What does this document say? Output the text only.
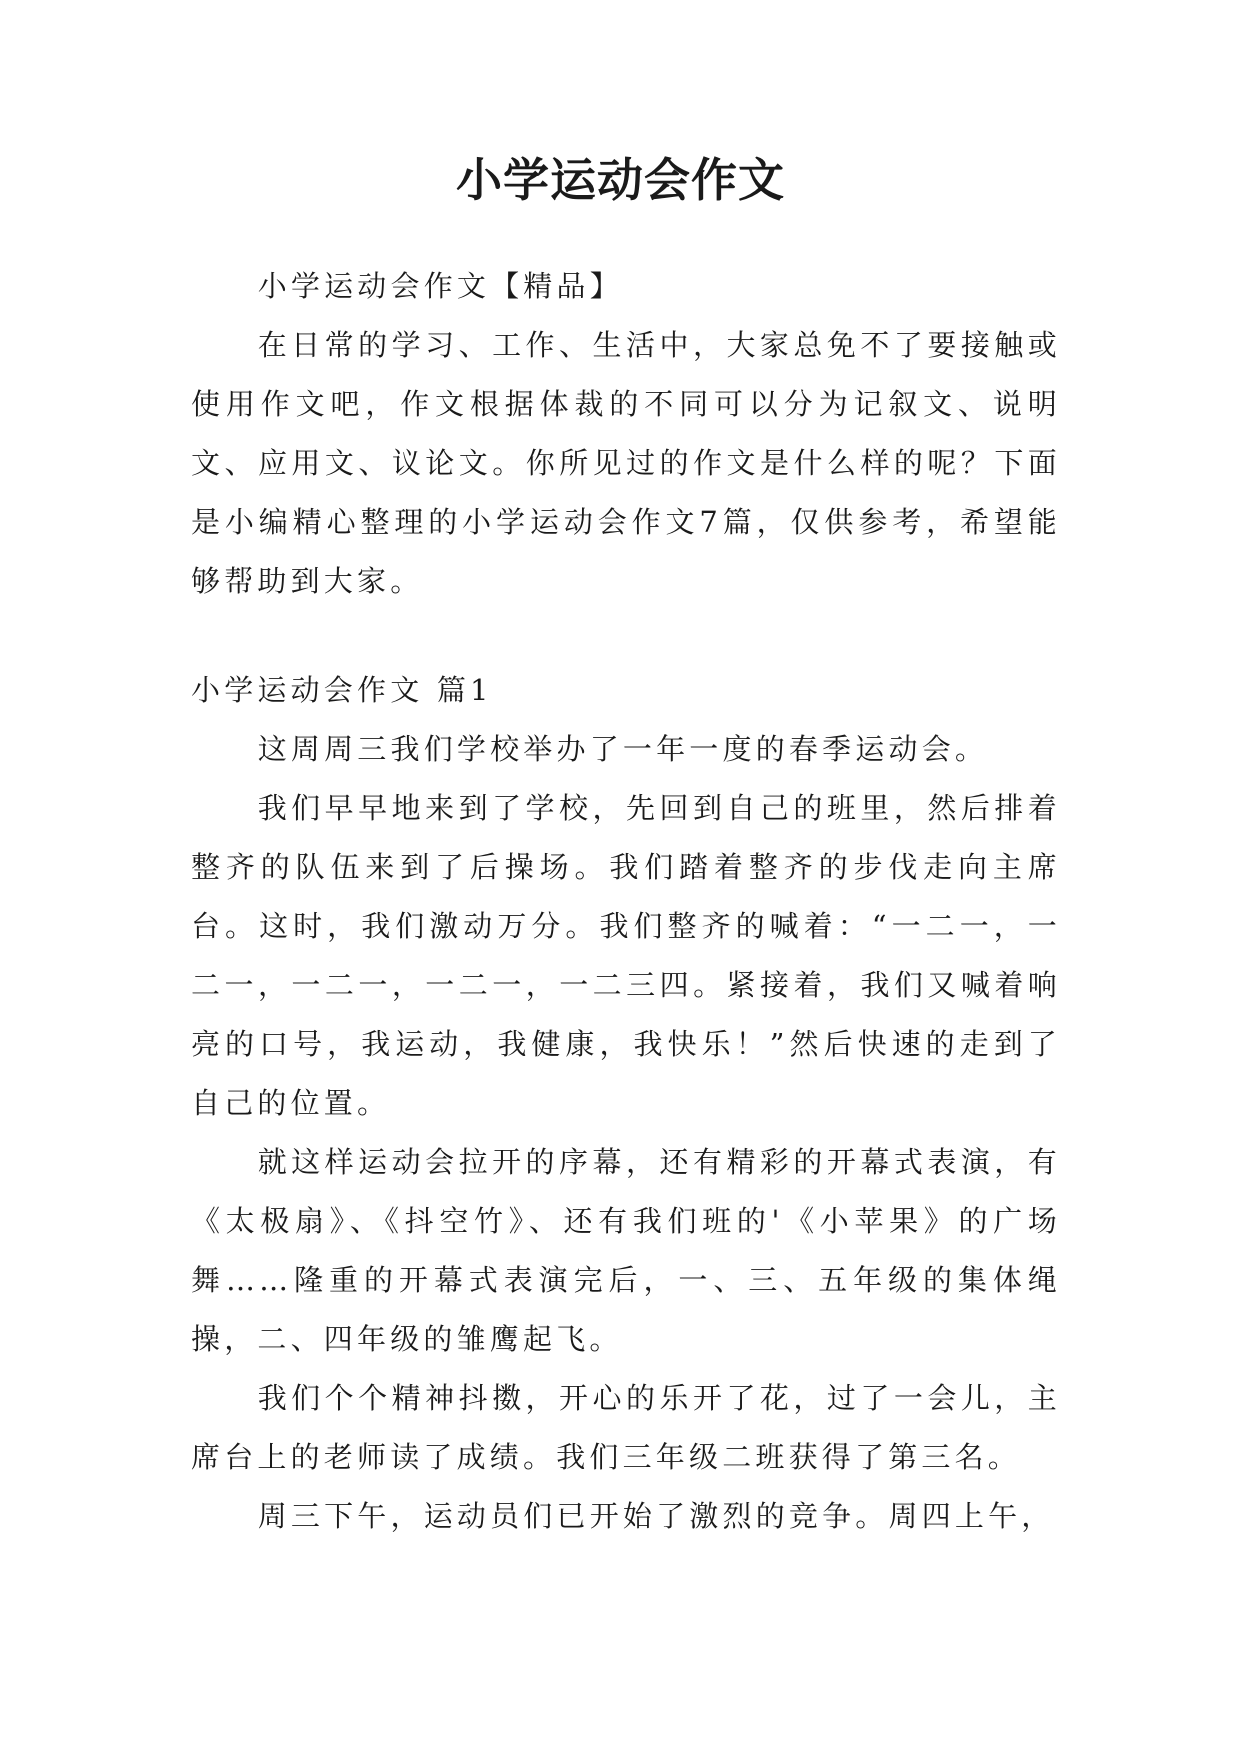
小学运动会作文

小学运动会作文【精品】

在日常的学习、工作、生活中，大家总免不了要接触或使用作文吧，作文根据体裁的不同可以分为记叙文、说明文、应用文、议论文。你所见过的作文是什么样的呢？下面是小编精心整理的小学运动会作文7篇，仅供参考，希望能够帮助到大家。

小学运动会作文 篇1

这周周三我们学校举办了一年一度的春季运动会。

我们早早地来到了学校，先回到自己的班里，然后排着整齐的队伍来到了后操场。我们踏着整齐的步伐走向主席台。这时，我们激动万分。我们整齐的喊着：“一二一，一二一，一二一，一二一，一二三四。紧接着，我们又喊着响亮的口号，我运动，我健康，我快乐！”然后快速的走到了自己的位置。

就这样运动会拉开的序幕，还有精彩的开幕式表演，有《太极扇》、《抖空竹》、还有我们班的'《小苹果》的广场舞……隆重的开幕式表演完后，一、三、五年级的集体绳操，二、四年级的雏鹰起飞。

我们个个精神抖擞，开心的乐开了花，过了一会儿，主席台上的老师读了成绩。我们三年级二班获得了第三名。

周三下午，运动员们已开始了激烈的竞争。周四上午，
